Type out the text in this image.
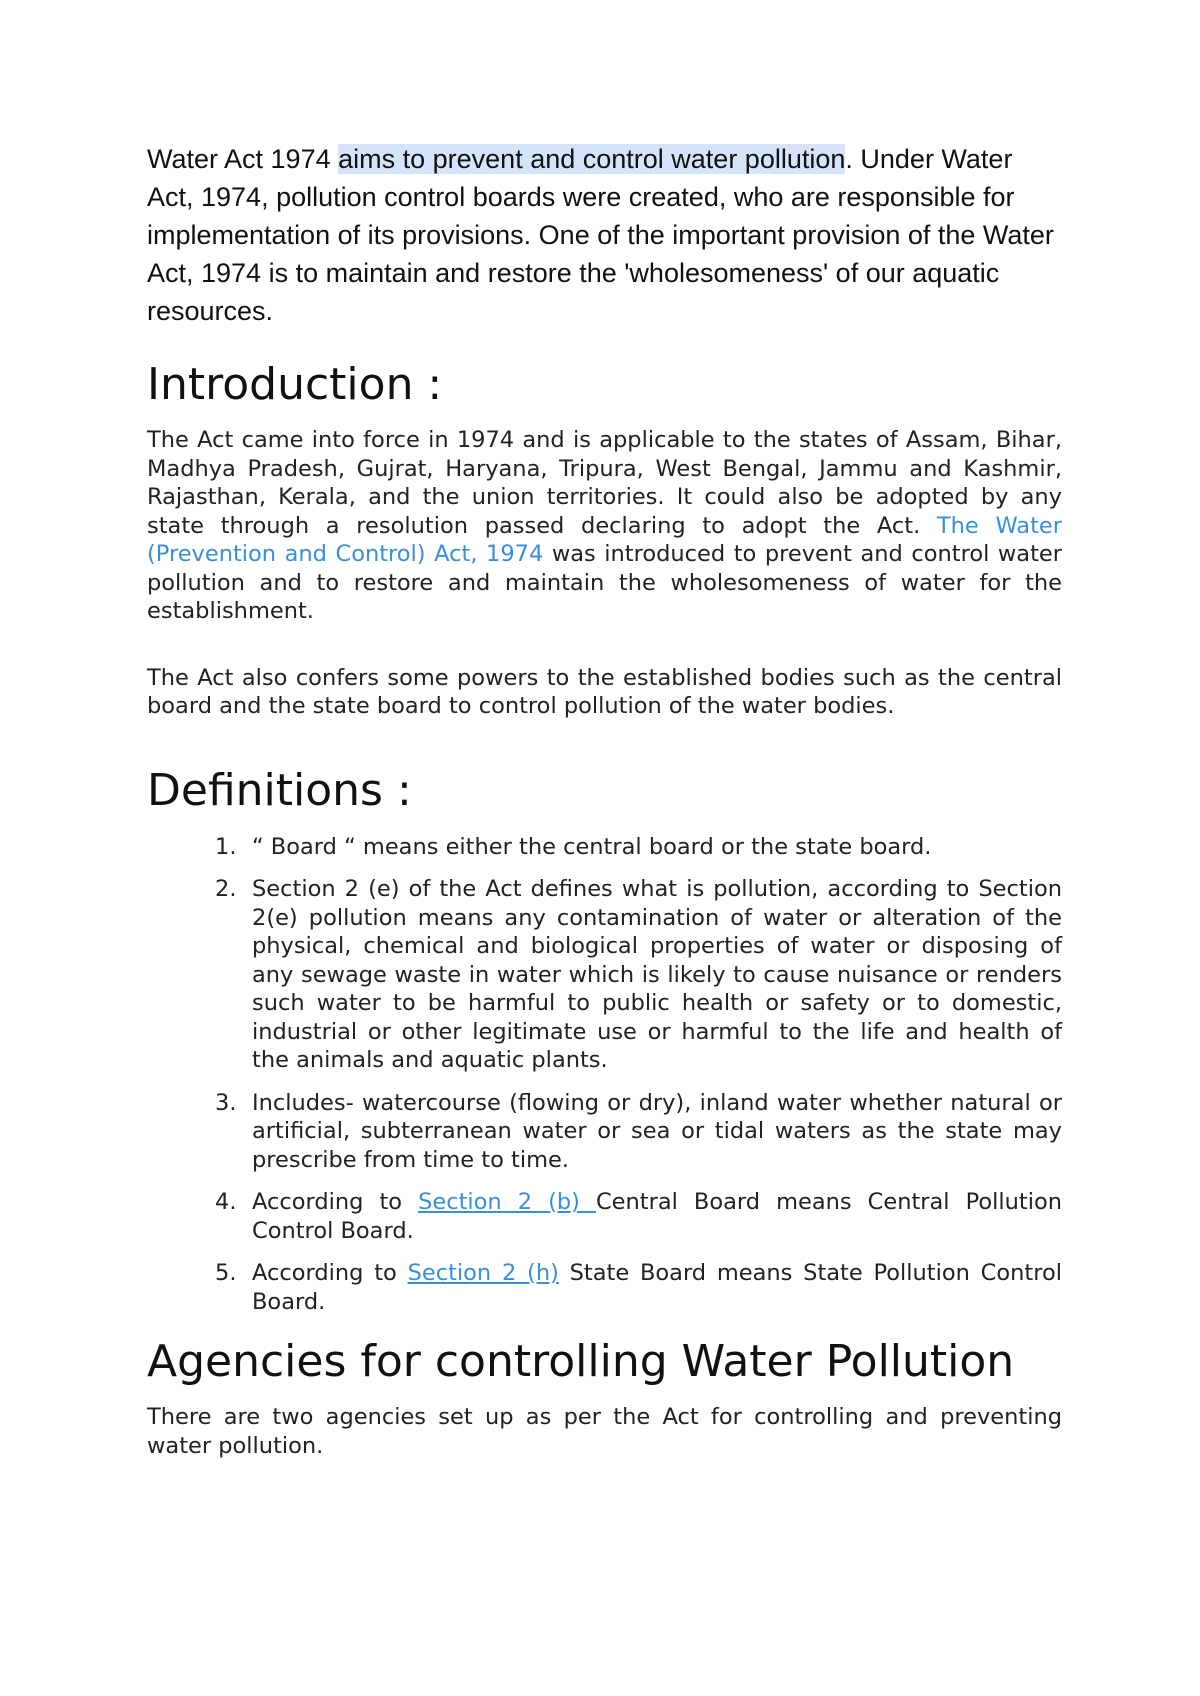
Water Act 1974 aims to prevent and control water pollution. Under Water Act, 1974, pollution control boards were created, who are responsible for implementation of its provisions. One of the important provision of the Water Act, 1974 is to maintain and restore the 'wholesomeness' of our aquatic resources.

Introduction :

The Act came into force in 1974 and is applicable to the states of Assam, Bihar, Madhya Pradesh, Gujrat, Haryana, Tripura, West Bengal, Jammu and Kashmir, Rajasthan, Kerala, and the union territories. It could also be adopted by any state through a resolution passed declaring to adopt the Act. The Water (Prevention and Control) Act, 1974 was introduced to prevent and control water pollution and to restore and maintain the wholesomeness of water for the establishment.

The Act also confers some powers to the established bodies such as the central board and the state board to control pollution of the water bodies.

Definitions :
1. “ Board “ means either the central board or the state board.
2. Section 2 (e) of the Act defines what is pollution, according to Section 2(e) pollution means any contamination of water or alteration of the physical, chemical and biological properties of water or disposing of any sewage waste in water which is likely to cause nuisance or renders such water to be harmful to public health or safety or to domestic, industrial or other legitimate use or harmful to the life and health of the animals and aquatic plants.
3. Includes- watercourse (flowing or dry), inland water whether natural or artificial, subterranean water or sea or tidal waters as the state may prescribe from time to time.
4. According to Section 2 (b) Central Board means Central Pollution Control Board.
5. According to Section 2 (h) State Board means State Pollution Control Board.
Agencies for controlling Water Pollution

There are two agencies set up as per the Act for controlling and preventing water pollution.
